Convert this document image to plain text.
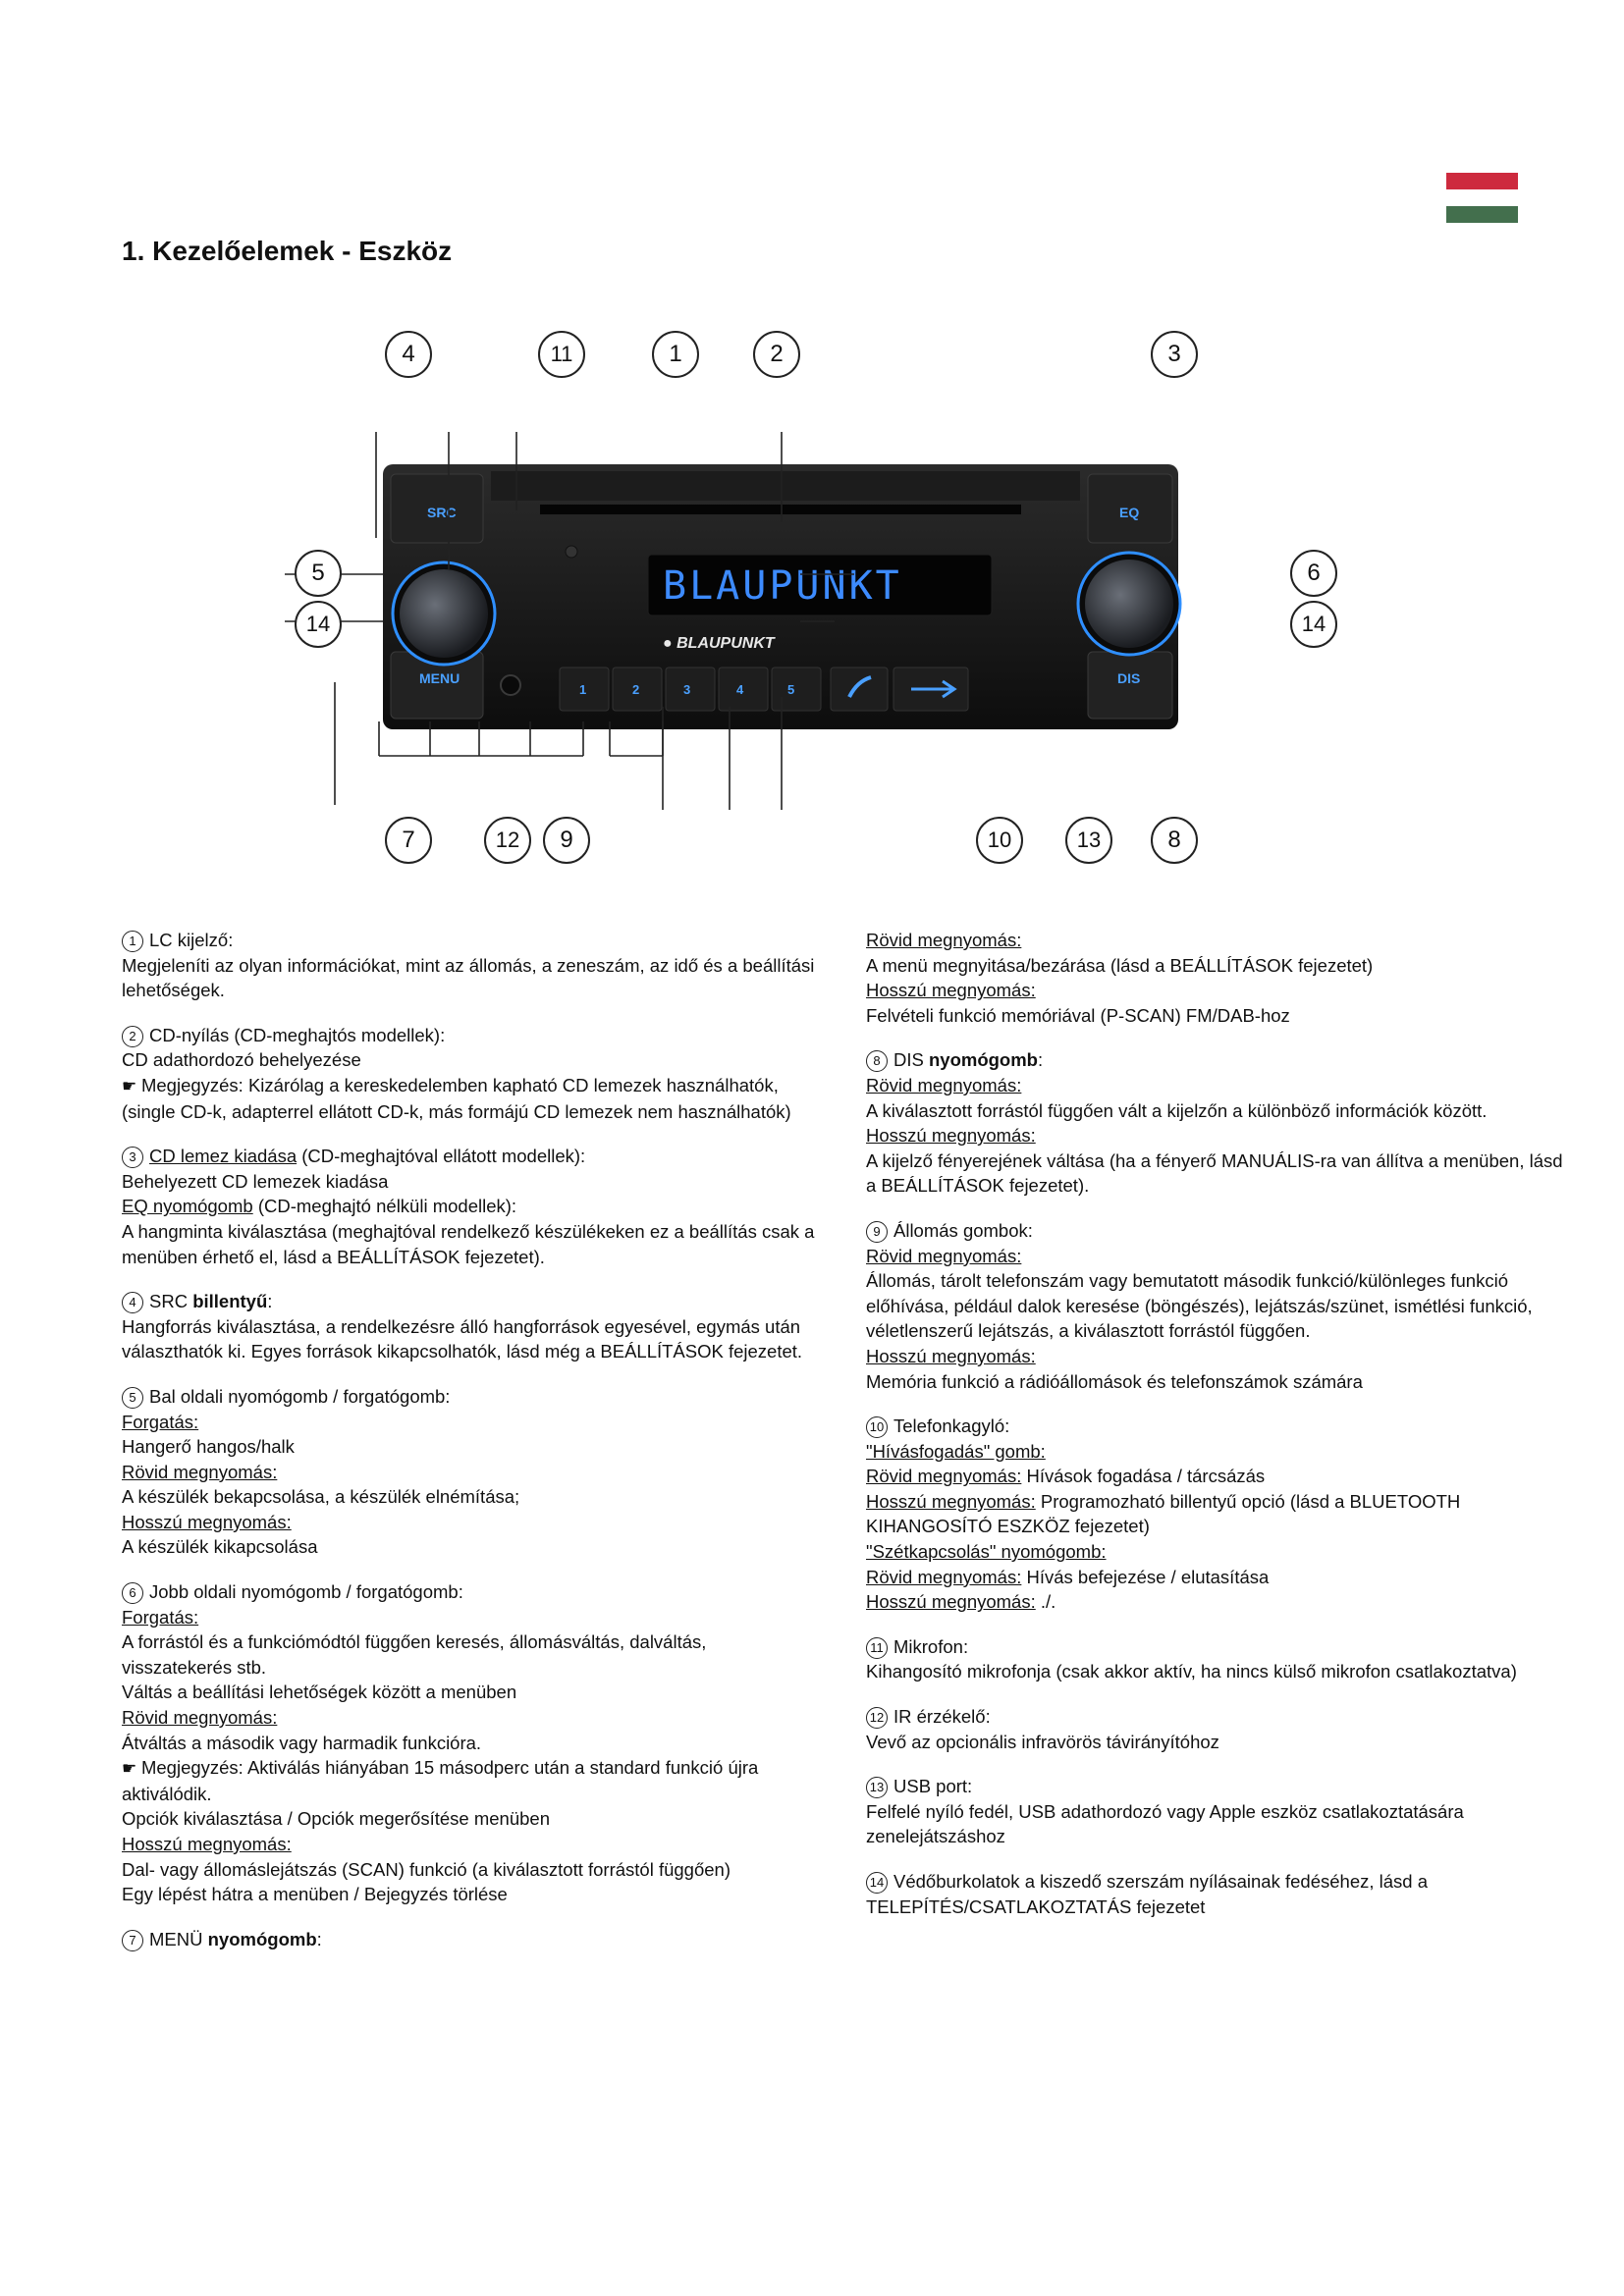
1. Kezelőelemek - Eszköz
SRC	EQ
MENU	DIS
BLAUPUNKT
● BLAUPUNKT
1	2	3	4	5
4	11	1	2	3
5
14
6
14
7	12	9	10	13	8

1 LC kijelző:

Megjeleníti az olyan információkat, mint az állomás, a zeneszám, az idő és a beállítási lehetőségek.

2 CD-nyílás (CD-meghajtós modellek):

CD adathordozó behelyezése

☛ Megjegyzés: Kizárólag a kereskedelemben kapható CD lemezek használhatók, (single CD-k, adapterrel ellátott CD-k, más formájú CD lemezek nem használhatók)

3 CD lemez kiadása (CD-meghajtóval ellátott modellek):

Behelyezett CD lemezek kiadása

EQ nyomógomb (CD-meghajtó nélküli modellek):

A hangminta kiválasztása (meghajtóval rendelkező készülékeken ez a beállítás csak a menüben érhető el, lásd a BEÁLLÍTÁSOK fejezetet).

4 SRC billentyű:

Hangforrás kiválasztása, a rendelkezésre álló hangforrások egyesével, egymás után választhatók ki. Egyes források kikapcsolhatók, lásd még a BEÁLLÍTÁSOK fejezetet.

5 Bal oldali nyomógomb / forgatógomb:

Forgatás:

Hangerő hangos/halk

Rövid megnyomás:

A készülék bekapcsolása, a készülék elnémítása;

Hosszú megnyomás:

A készülék kikapcsolása

6 Jobb oldali nyomógomb / forgatógomb:

Forgatás:

A forrástól és a funkciómódtól függően keresés, állomásváltás, dalváltás, visszatekerés stb.

Váltás a beállítási lehetőségek között a menüben

Rövid megnyomás:

Átváltás a második vagy harmadik funkcióra.

☛ Megjegyzés: Aktiválás hiányában 15 másodperc után a standard funkció újra aktiválódik.

Opciók kiválasztása / Opciók megerősítése menüben

Hosszú megnyomás:

Dal- vagy állomáslejátszás (SCAN) funkció (a kiválasztott forrástól függően)

Egy lépést hátra a menüben / Bejegyzés törlése

7 MENÜ nyomógomb:

Rövid megnyomás:

A menü megnyitása/bezárása (lásd a BEÁLLÍTÁSOK fejezetet)

Hosszú megnyomás:

Felvételi funkció memóriával (P-SCAN) FM/DAB-hoz

8 DIS nyomógomb:

Rövid megnyomás:

A kiválasztott forrástól függően vált a kijelzőn a különböző információk között.

Hosszú megnyomás:

A kijelző fényerejének váltása (ha a fényerő MANUÁLIS-ra van állítva a menüben, lásd a BEÁLLÍTÁSOK fejezetet).

9 Állomás gombok:

Rövid megnyomás:

Állomás, tárolt telefonszám vagy bemutatott második funkció/különleges funkció előhívása, például dalok keresése (böngészés), lejátszás/szünet, ismétlési funkció, véletlenszerű lejátszás, a kiválasztott forrástól függően.

Hosszú megnyomás:

Memória funkció a rádióállomások és telefonszámok számára

10 Telefonkagyló:

"Hívásfogadás" gomb:

Rövid megnyomás: Hívások fogadása / tárcsázás

Hosszú megnyomás: Programozható billentyű opció (lásd a BLUETOOTH KIHANGOSÍTÓ ESZKÖZ fejezetet)

"Szétkapcsolás" nyomógomb:

Rövid megnyomás: Hívás befejezése / elutasítása

Hosszú megnyomás: ./.

11 Mikrofon:

Kihangosító mikrofonja (csak akkor aktív, ha nincs külső mikrofon csatlakoztatva)

12 IR érzékelő:

Vevő az opcionális infravörös távirányítóhoz

13 USB port:

Felfelé nyíló fedél, USB adathordozó vagy Apple eszköz csatlakoztatására zenelejátszáshoz

14 Védőburkolatok a kiszedő szerszám nyílásainak fedéséhez, lásd a TELEPÍTÉS/CSATLAKOZTATÁS fejezetet
